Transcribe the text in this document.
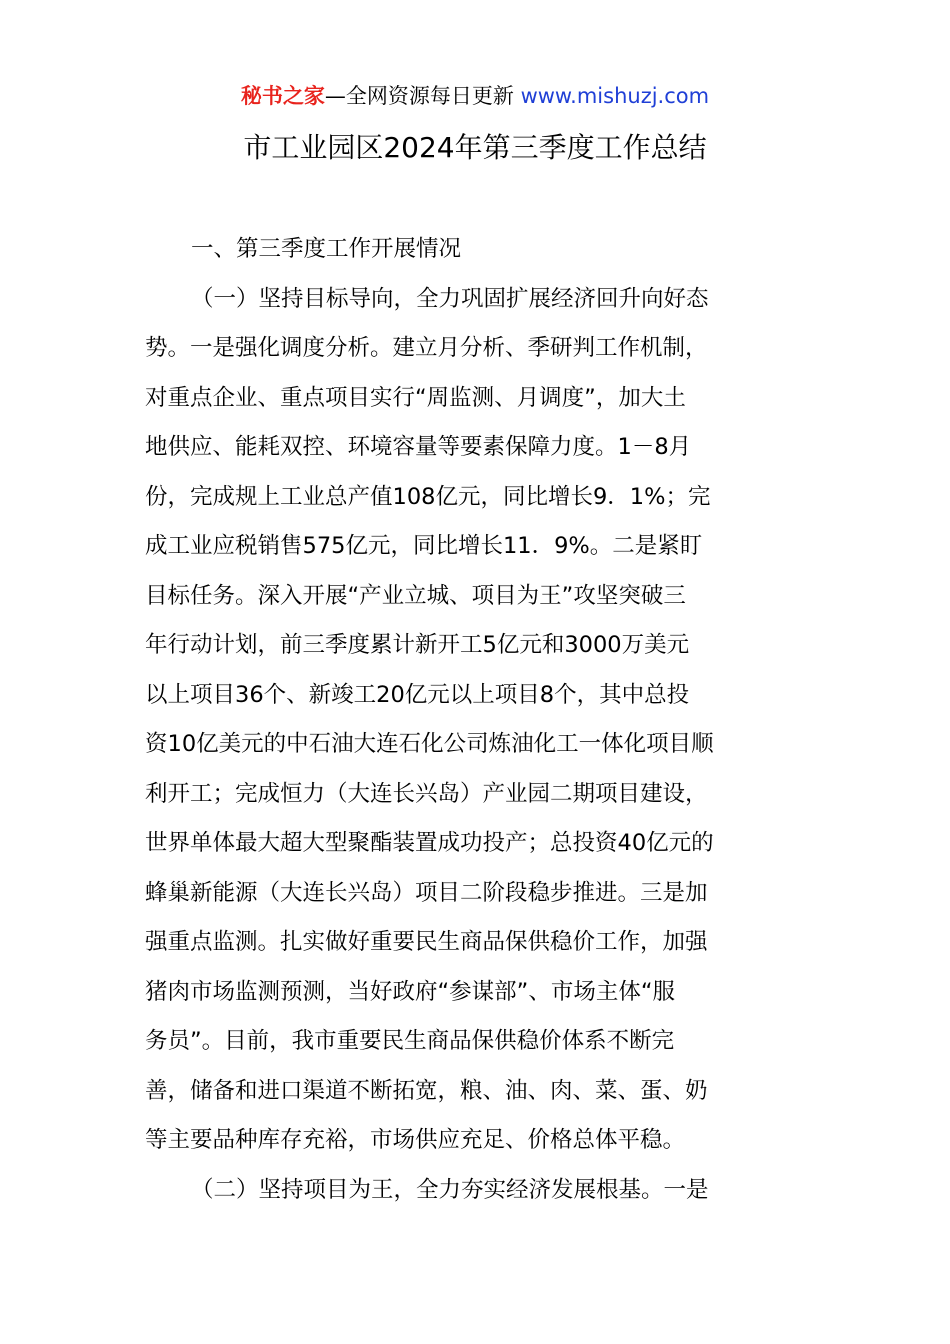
秘书之家—全网资源每日更新 www.mishuzj.com
市工业园区2024年第三季度工作总结
一、第三季度工作开展情况
（一）坚持目标导向，全力巩固扩展经济回升向好态
势。一是强化调度分析。建立月分析、季研判工作机制，
对重点企业、重点项目实行“周监测、月调度”，加大土
地供应、能耗双控、环境容量等要素保障力度。1－8月
份，完成规上工业总产值108亿元，同比增长9．1%；完
成工业应税销售575亿元，同比增长11．9%。二是紧盯
目标任务。深入开展“产业立城、项目为王”攻坚突破三
年行动计划，前三季度累计新开工5亿元和3000万美元
以上项目36个、新竣工20亿元以上项目8个，其中总投
资10亿美元的中石油大连石化公司炼油化工一体化项目顺
利开工；完成恒力（大连长兴岛）产业园二期项目建设，
世界单体最大超大型聚酯装置成功投产；总投资40亿元的
蜂巢新能源（大连长兴岛）项目二阶段稳步推进。三是加
强重点监测。扎实做好重要民生商品保供稳价工作，加强
猪肉市场监测预测，当好政府“参谋部”、市场主体“服
务员”。目前，我市重要民生商品保供稳价体系不断完
善，储备和进口渠道不断拓宽，粮、油、肉、菜、蛋、奶
等主要品种库存充裕，市场供应充足、价格总体平稳。
（二）坚持项目为王，全力夯实经济发展根基。一是
